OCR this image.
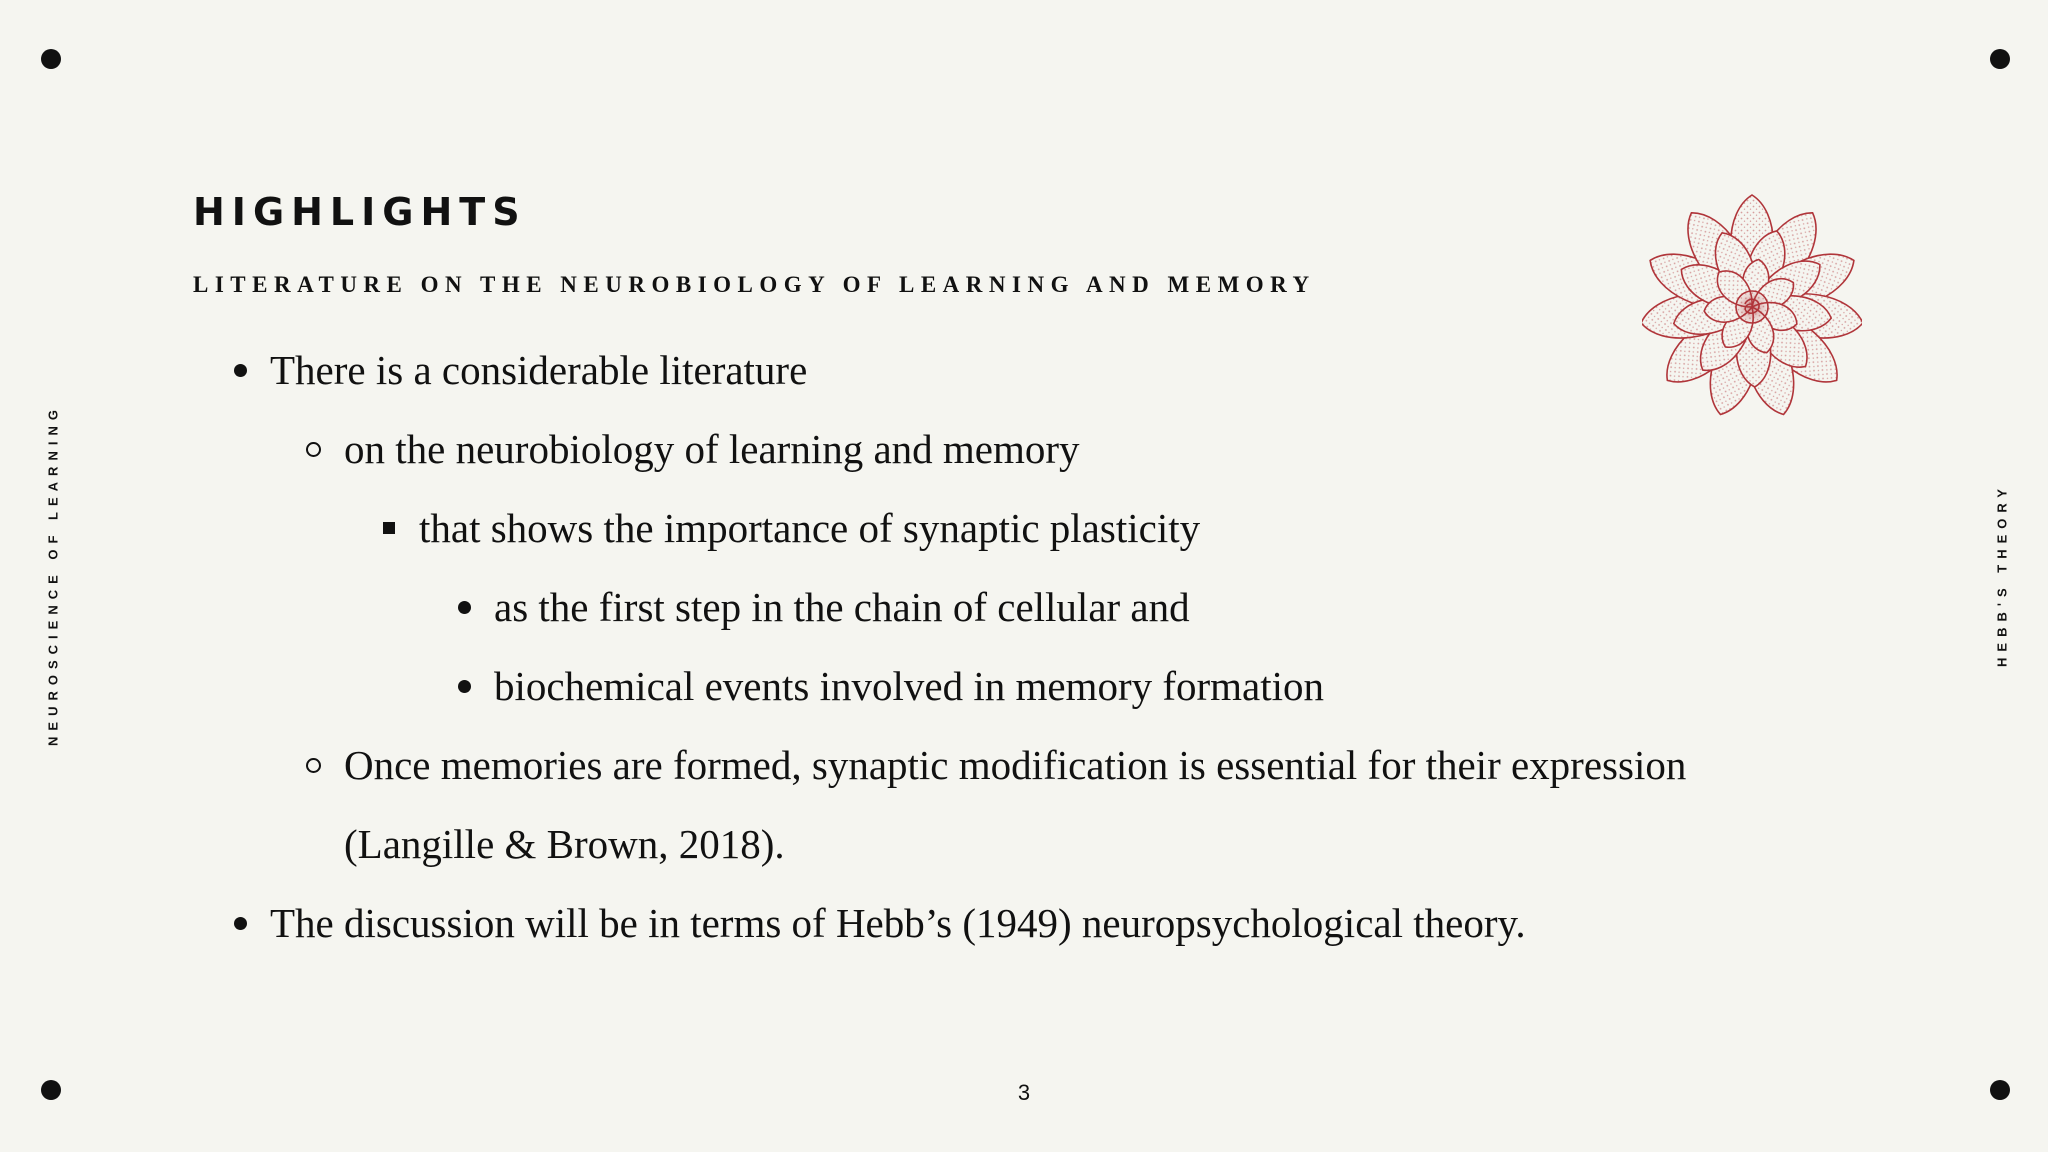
NEUROSCIENCE OF LEARNING	HEBB'S THEORY
HIGHLIGHTS
LITERATURE ON THE NEUROBIOLOGY OF LEARNING AND MEMORY
There is a considerable literature
on the neurobiology of learning and memory
that shows the importance of synaptic plasticity
as the first step in the chain of cellular and
biochemical events involved in memory formation
Once memories are formed, synaptic modification is essential for their expression
(Langille & Brown, 2018).
The discussion will be in terms of Hebb’s (1949) neuropsychological theory.
3
